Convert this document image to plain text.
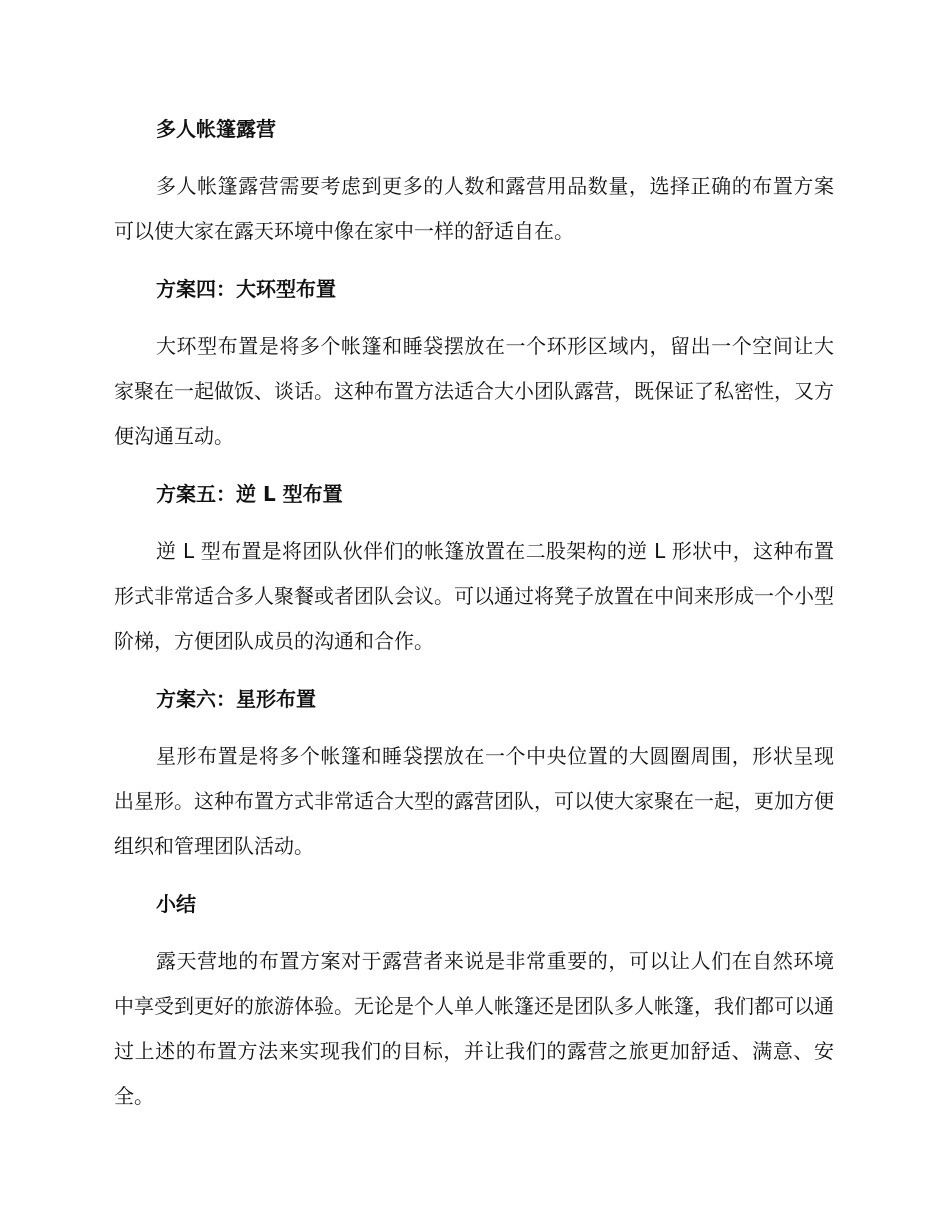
多人帐篷露营

多人帐篷露营需要考虑到更多的人数和露营用品数量，选择正确的布置方案可以使大家在露天环境中像在家中一样的舒适自在。

方案四：大环型布置

大环型布置是将多个帐篷和睡袋摆放在一个环形区域内，留出一个空间让大家聚在一起做饭、谈话。这种布置方法适合大小团队露营，既保证了私密性，又方便沟通互动。

方案五：逆 L 型布置

逆 L 型布置是将团队伙伴们的帐篷放置在二股架构的逆 L 形状中，这种布置形式非常适合多人聚餐或者团队会议。可以通过将凳子放置在中间来形成一个小型阶梯，方便团队成员的沟通和合作。

方案六：星形布置

星形布置是将多个帐篷和睡袋摆放在一个中央位置的大圆圈周围，形状呈现出星形。这种布置方式非常适合大型的露营团队，可以使大家聚在一起，更加方便组织和管理团队活动。

小结

露天营地的布置方案对于露营者来说是非常重要的，可以让人们在自然环境中享受到更好的旅游体验。无论是个人单人帐篷还是团队多人帐篷，我们都可以通过上述的布置方法来实现我们的目标，并让我们的露营之旅更加舒适、满意、安全。
